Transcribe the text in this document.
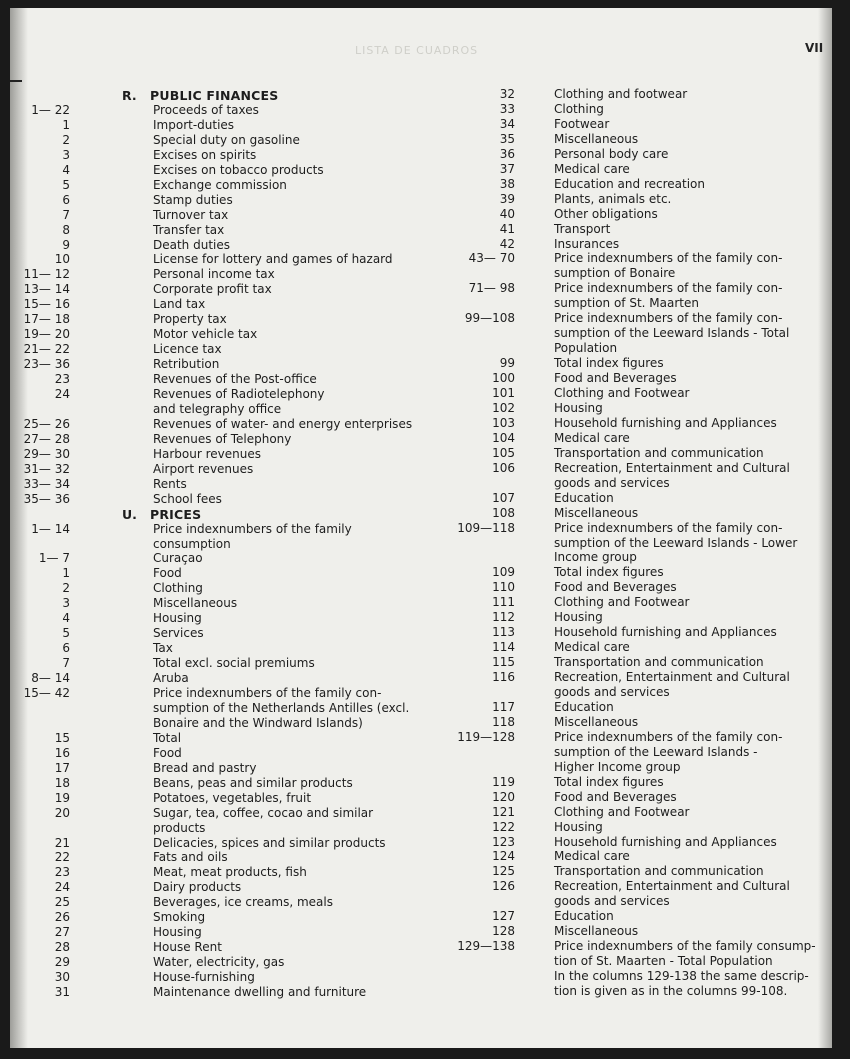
LISTA DE CUADROS	VII
R. PUBLIC FINANCES
1— 22	Proceeds of taxes
1	Import-duties
2	Special duty on gasoline
3	Excises on spirits
4	Excises on tobacco products
5	Exchange commission
6	Stamp duties
7	Turnover tax
8	Transfer tax
9	Death duties
10	License for lottery and games of hazard
11— 12	Personal income tax
13— 14	Corporate profit tax
15— 16	Land tax
17— 18	Property tax
19— 20	Motor vehicle tax
21— 22	Licence tax
23— 36	Retribution
23	Revenues of the Post-office
24	Revenues of Radiotelephony
and telegraphy office
25— 26	Revenues of water- and energy enterprises
27— 28	Revenues of Telephony
29— 30	Harbour revenues
31— 32	Airport revenues
33— 34	Rents
35— 36	School fees
U. PRICES
1— 14	Price indexnumbers of the family
consumption
1— 7	Curaçao
1	Food
2	Clothing
3	Miscellaneous
4	Housing
5	Services
6	Tax
7	Total excl. social premiums
8— 14	Aruba
15— 42	Price indexnumbers of the family con-
sumption of the Netherlands Antilles (excl.
Bonaire and the Windward Islands)
15	Total
16	Food
17	Bread and pastry
18	Beans, peas and similar products
19	Potatoes, vegetables, fruit
20	Sugar, tea, coffee, cocao and similar
products
21	Delicacies, spices and similar products
22	Fats and oils
23	Meat, meat products, fish
24	Dairy products
25	Beverages, ice creams, meals
26	Smoking
27	Housing
28	House Rent
29	Water, electricity, gas
30	House-furnishing
31	Maintenance dwelling and furniture
32	Clothing and footwear
33	Clothing
34	Footwear
35	Miscellaneous
36	Personal body care
37	Medical care
38	Education and recreation
39	Plants, animals etc.
40	Other obligations
41	Transport
42	Insurances
43— 70	Price indexnumbers of the family con-
sumption of Bonaire
71— 98	Price indexnumbers of the family con-
sumption of St. Maarten
99—108	Price indexnumbers of the family con-
sumption of the Leeward Islands - Total
Population
99	Total index figures
100	Food and Beverages
101	Clothing and Footwear
102	Housing
103	Household furnishing and Appliances
104	Medical care
105	Transportation and communication
106	Recreation, Entertainment and Cultural
goods and services
107	Education
108	Miscellaneous
109—118	Price indexnumbers of the family con-
sumption of the Leeward Islands - Lower
Income group
109	Total index figures
110	Food and Beverages
111	Clothing and Footwear
112	Housing
113	Household furnishing and Appliances
114	Medical care
115	Transportation and communication
116	Recreation, Entertainment and Cultural
goods and services
117	Education
118	Miscellaneous
119—128	Price indexnumbers of the family con-
sumption of the Leeward Islands -
Higher Income group
119	Total index figures
120	Food and Beverages
121	Clothing and Footwear
122	Housing
123	Household furnishing and Appliances
124	Medical care
125	Transportation and communication
126	Recreation, Entertainment and Cultural
goods and services
127	Education
128	Miscellaneous
129—138	Price indexnumbers of the family consump-
tion of St. Maarten - Total Population
In the columns 129-138 the same descrip-
tion is given as in the columns 99-108.
